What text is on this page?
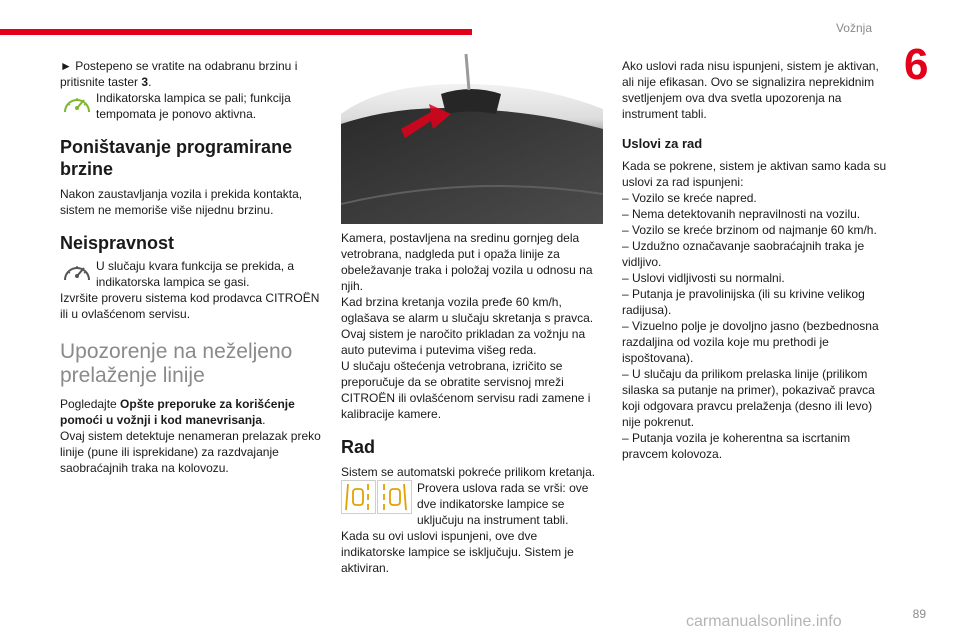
Vožnja
6
89
carmanualsonline.info

► Postepeno se vratite na odabranu brzinu i pritisnite taster 3.

Indikatorska lampica se pali; funkcija tempomata je ponovo aktivna.

Poništavanje programirane brzine

Nakon zaustavljanja vozila i prekida kontakta, sistem ne memoriše više nijednu brzinu.

Neispravnost

U slučaju kvara funkcija se prekida, a indikatorska lampica se gasi.

Izvršite proveru sistema kod prodavca CITROËN ili u ovlašćenom servisu.

Upozorenje na neželjeno prelaženje linije

Pogledajte Opšte preporuke za korišćenje pomoći u vožnji i kod manevrisanja.

Ovaj sistem detektuje nenameran prelazak preko linije (pune ili isprekidane) za razdvajanje saobraćajnih traka na kolovozu.

Kamera, postavljena na sredinu gornjeg dela vetrobrana, nadgleda put i opaža linije za obeležavanje traka i položaj vozila u odnosu na njih.

Kad brzina kretanja vozila pređe 60 km/h, oglašava se alarm u slučaju skretanja s pravca. Ovaj sistem je naročito prikladan za vožnju na auto putevima i putevima višeg reda.

U slučaju oštećenja vetrobrana, izričito se preporučuje da se obratite servisnoj mreži CITROËN ili ovlašćenom servisu radi zamene i kalibracije kamere.

Rad

Sistem se automatski pokreće prilikom kretanja.

Provera uslova rada se vrši: ove dve indikatorske lampice se uključuju na instrument tabli.

Kada su ovi uslovi ispunjeni, ove dve indikatorske lampice se isključuju. Sistem je aktiviran.

Ako uslovi rada nisu ispunjeni, sistem je aktivan, ali nije efikasan. Ovo se signalizira neprekidnim svetljenjem ova dva svetla upozorenja na instrument tabli.

Uslovi za rad

Kada se pokrene, sistem je aktivan samo kada su uslovi za rad ispunjeni:

– Vozilo se kreće napred.
– Nema detektovanih nepravilnosti na vozilu.
– Vozilo se kreće brzinom od najmanje 60 km/h.
– Uzdužno označavanje saobraćajnih traka je vidljivo.
– Uslovi vidljivosti su normalni.
– Putanja je pravolinijska (ili su krivine velikog radijusa).
– Vizuelno polje je dovoljno jasno (bezbednosna razdaljina od vozila koje mu prethodi je ispoštovana).
– U slučaju da prilikom prelaska linije (prilikom silaska sa putanje na primer), pokazivač pravca koji odgovara pravcu prelaženja (desno ili levo) nije pokrenut.
– Putanja vozila je koherentna sa iscrtanim pravcem kolovoza.
